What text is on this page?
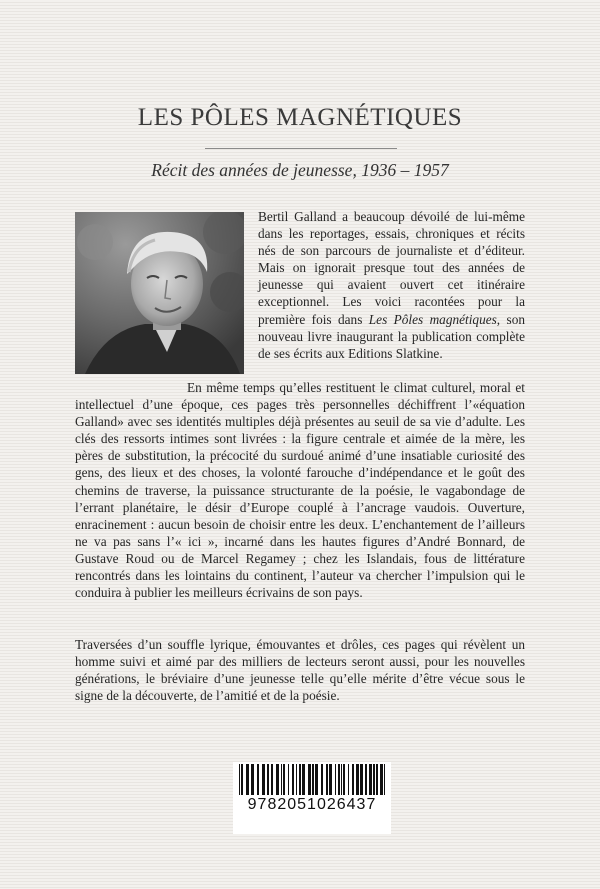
LES PÔLES MAGNÉTIQUES
Récit des années de jeunesse, 1936 – 1957
Bertil Galland a beaucoup dévoilé de lui-même dans les reportages, essais, chroniques et récits nés de son parcours de journaliste et d’éditeur. Mais on ignorait presque tout des années de jeunesse qui avaient ouvert cet itinéraire exceptionnel. Les voici racontées pour la première fois dans Les Pôles magnétiques, son nouveau livre inaugurant la publication complète de ses écrits aux Editions Slatkine.
En même temps qu’elles restituent le climat culturel, moral et intellectuel d’une époque, ces pages très personnelles déchiffrent l’«équation Galland» avec ses identités multiples déjà présentes au seuil de sa vie d’adulte. Les clés des ressorts intimes sont livrées : la figure centrale et aimée de la mère, les pères de substitution, la précocité du surdoué animé d’une insatiable curiosité des gens, des lieux et des choses, la volonté farouche d’indépendance et le goût des chemins de traverse, la puissance structurante de la poésie, le vagabondage de l’errant planétaire, le désir d’Europe couplé à l’ancrage vaudois. Ouverture, enracinement : aucun besoin de choisir entre les deux. L’enchantement de l’ailleurs ne va pas sans l’« ici », incarné dans les hautes figures d’André Bonnard, de Gustave Roud ou de Marcel Regamey ; chez les Islandais, fous de littérature rencontrés dans les lointains du continent, l’auteur va chercher l’impulsion qui le conduira à publier les meilleurs écrivains de son pays.
Traversées d’un souffle lyrique, émouvantes et drôles, ces pages qui révèlent un homme suivi et aimé par des milliers de lecteurs seront aussi, pour les nouvelles générations, le bréviaire d’une jeunesse telle qu’elle mérite d’être vécue sous le signe de la découverte, de l’amitié et de la poésie.
9782051026437
